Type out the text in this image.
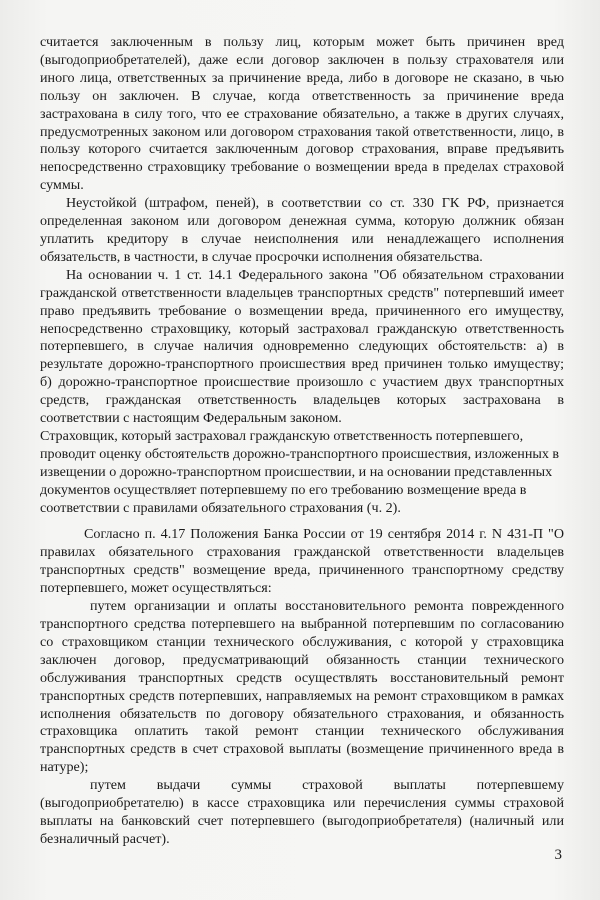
считается заключенным в пользу лиц, которым может быть причинен вред (выгодоприобретателей), даже если договор заключен в пользу страхователя или иного лица, ответственных за причинение вреда, либо в договоре не сказано, в чью пользу он заключен. В случае, когда ответственность за причинение вреда застрахована в силу того, что ее страхование обязательно, а также в других случаях, предусмотренных законом или договором страхования такой ответственности, лицо, в пользу которого считается заключенным договор страхования, вправе предъявить непосредственно страховщику требование о возмещении вреда в пределах страховой суммы.

Неустойкой (штрафом, пеней), в соответствии со ст. 330 ГК РФ, признается определенная законом или договором денежная сумма, которую должник обязан уплатить кредитору в случае неисполнения или ненадлежащего исполнения обязательств, в частности, в случае просрочки исполнения обязательства.

На основании ч. 1 ст. 14.1 Федерального закона "Об обязательном страховании гражданской ответственности владельцев транспортных средств" потерпевший имеет право предъявить требование о возмещении вреда, причиненного его имуществу, непосредственно страховщику, который застраховал гражданскую ответственность потерпевшего, в случае наличия одновременно следующих обстоятельств: а) в результате дорожно-транспортного происшествия вред причинен только имуществу; б) дорожно-транспортное происшествие произошло с участием двух транспортных средств, гражданская ответственность владельцев которых застрахована в соответствии с настоящим Федеральным законом.

Страховщик, который застраховал гражданскую ответственность потерпевшего, проводит оценку обстоятельств дорожно-транспортного происшествия, изложенных в извещении о дорожно-транспортном происшествии, и на основании представленных документов осуществляет потерпевшему по его требованию возмещение вреда в соответствии с правилами обязательного страхования (ч. 2).

Согласно п. 4.17 Положения Банка России от 19 сентября 2014 г. N 431-П "О правилах обязательного страхования гражданской ответственности владельцев транспортных средств" возмещение вреда, причиненного транспортному средству потерпевшего, может осуществляться:

путем организации и оплаты восстановительного ремонта поврежденного транспортного средства потерпевшего на выбранной потерпевшим по согласованию со страховщиком станции технического обслуживания, с которой у страховщика заключен договор, предусматривающий обязанность станции технического обслуживания транспортных средств осуществлять восстановительный ремонт транспортных средств потерпевших, направляемых на ремонт страховщиком в рамках исполнения обязательств по договору обязательного страхования, и обязанность страховщика оплатить такой ремонт станции технического обслуживания транспортных средств в счет страховой выплаты (возмещение причиненного вреда в натуре);

путем выдачи суммы страховой выплаты потерпевшему (выгодоприобретателю) в кассе страховщика или перечисления суммы страховой выплаты на банковский счет потерпевшего (выгодоприобретателя) (наличный или безналичный расчет).

3
